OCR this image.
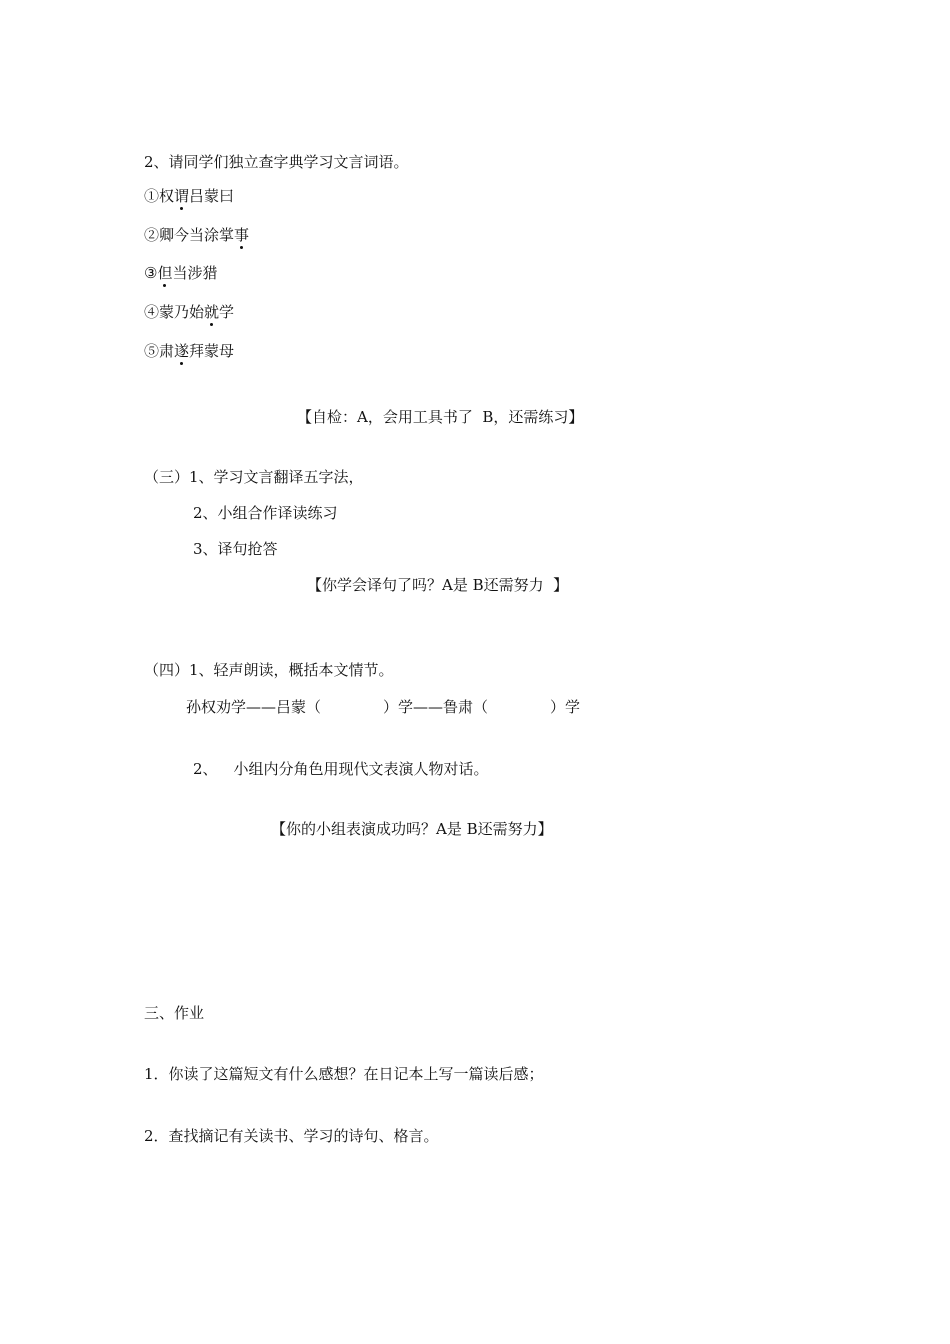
2、请同学们独立查字典学习文言词语。
①权谓吕蒙曰
②卿今当涂掌事
③但当涉猎
④蒙乃始就学
⑤肃遂拜蒙母
【自检：A，会用工具书了  B，还需练习】
（三）1、学习文言翻译五字法，
2、小组合作译读练习
3、译句抢答
【你学会译句了吗？A是 B还需努力  】
（四）1、轻声朗读，概括本文情节。
孙权劝学——吕蒙（	）学——鲁肃（	）学
2、 小组内分角色用现代文表演人物对话。
【你的小组表演成功吗？A是 B还需努力】
三、作业
1．你读了这篇短文有什么感想？在日记本上写一篇读后感；
2．查找摘记有关读书、学习的诗句、格言。
